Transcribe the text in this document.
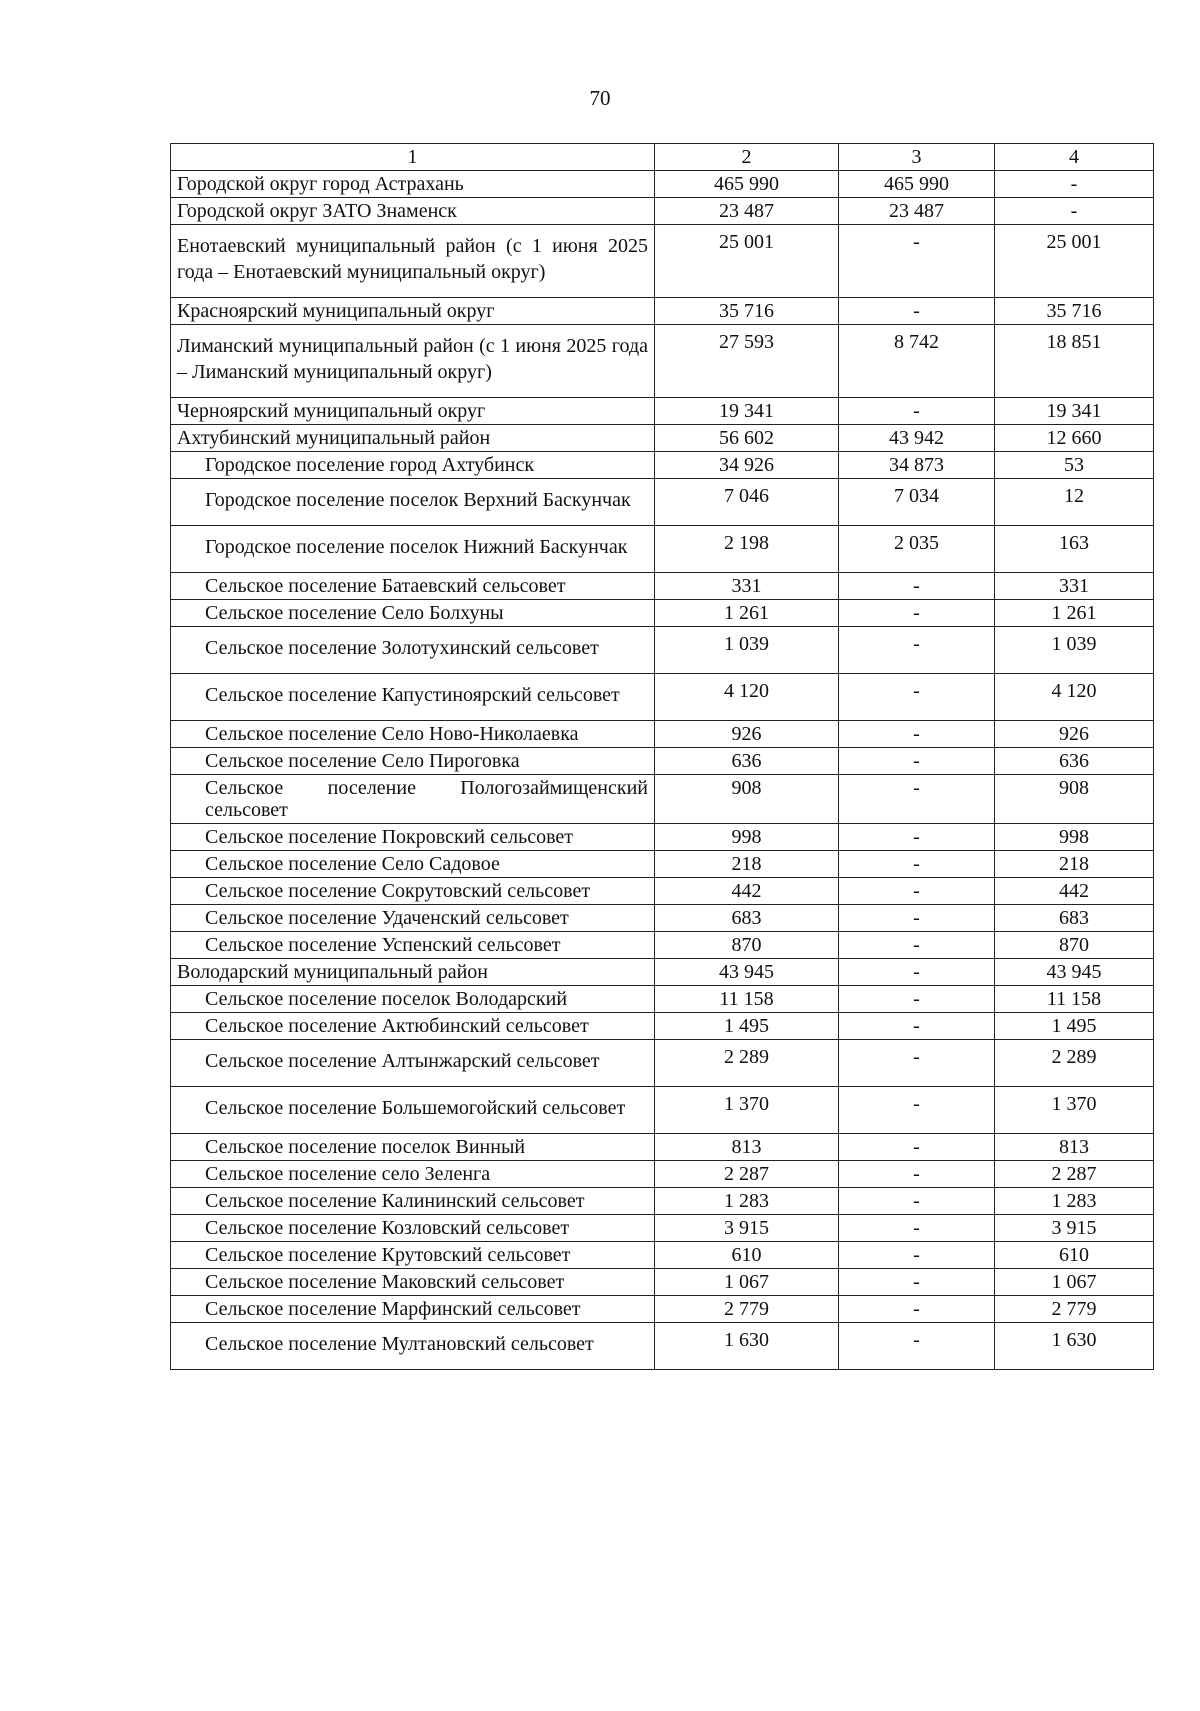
70
1	2	3	4
Городской округ город Астрахань	465 990	465 990	-
Городской округ ЗАТО Знаменск	23 487	23 487	-
Енотаевский муниципальный район (с 1 июня 2025 года – Енотаевский муниципальный округ)	25 001	-	25 001
Красноярский муниципальный округ	35 716	-	35 716
Лиманский муниципальный район (с 1 июня 2025 года – Лиманский муниципальный округ)	27 593	8 742	18 851
Черноярский муниципальный округ	19 341	-	19 341
Ахтубинский муниципальный район	56 602	43 942	12 660
Городское поселение город Ахтубинск	34 926	34 873	53
Городское поселение поселок Верхний Баскунчак	7 046	7 034	12
Городское поселение поселок Нижний Баскунчак	2 198	2 035	163
Сельское поселение Батаевский сельсовет	331	-	331
Сельское поселение Село Болхуны	1 261	-	1 261
Сельское поселение Золотухинский сельсовет	1 039	-	1 039
Сельское поселение Капустиноярский сельсовет	4 120	-	4 120
Сельское поселение Село Ново-Николаевка	926	-	926
Сельское поселение Село Пироговка	636	-	636
Сельское поселение Пологозаймищенский сельсовет	908	-	908
Сельское поселение Покровский сельсовет	998	-	998
Сельское поселение Село Садовое	218	-	218
Сельское поселение Сокрутовский сельсовет	442	-	442
Сельское поселение Удаченский сельсовет	683	-	683
Сельское поселение Успенский сельсовет	870	-	870
Володарский муниципальный район	43 945	-	43 945
Сельское поселение поселок Володарский	11 158	-	11 158
Сельское поселение Актюбинский сельсовет	1 495	-	1 495
Сельское поселение Алтынжарский сельсовет	2 289	-	2 289
Сельское поселение Большемогойский сельсовет	1 370	-	1 370
Сельское поселение поселок Винный	813	-	813
Сельское поселение село Зеленга	2 287	-	2 287
Сельское поселение Калининский сельсовет	1 283	-	1 283
Сельское поселение Козловский сельсовет	3 915	-	3 915
Сельское поселение Крутовский сельсовет	610	-	610
Сельское поселение Маковский сельсовет	1 067	-	1 067
Сельское поселение Марфинский сельсовет	2 779	-	2 779
Сельское поселение Мултановский сельсовет	1 630	-	1 630
